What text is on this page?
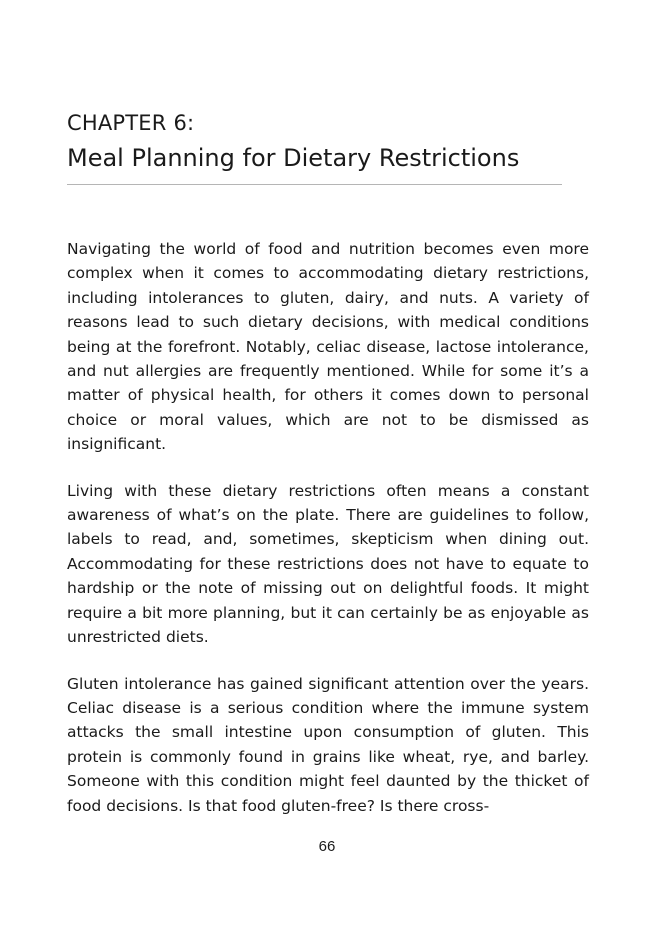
CHAPTER 6:
Meal Planning for Dietary Restrictions

Navigating the world of food and nutrition becomes even more complex when it comes to accommodating dietary restrictions, including intolerances to gluten, dairy, and nuts. A variety of reasons lead to such dietary decisions, with medical conditions being at the forefront. Notably, celiac disease, lactose intolerance, and nut allergies are frequently mentioned. While for some it’s a matter of physical health, for others it comes down to personal choice or moral values, which are not to be dismissed as insignificant.

Living with these dietary restrictions often means a constant awareness of what’s on the plate. There are guidelines to follow, labels to read, and, sometimes, skepticism when dining out. Accommodating for these restrictions does not have to equate to hardship or the note of missing out on delightful foods. It might require a bit more planning, but it can certainly be as enjoyable as unrestricted diets.

Gluten intolerance has gained significant attention over the years. Celiac disease is a serious condition where the immune system attacks the small intestine upon consumption of gluten. This protein is commonly found in grains like wheat, rye, and barley. Someone with this condition might feel daunted by the thicket of food decisions. Is that food gluten-free? Is there cross-

66
